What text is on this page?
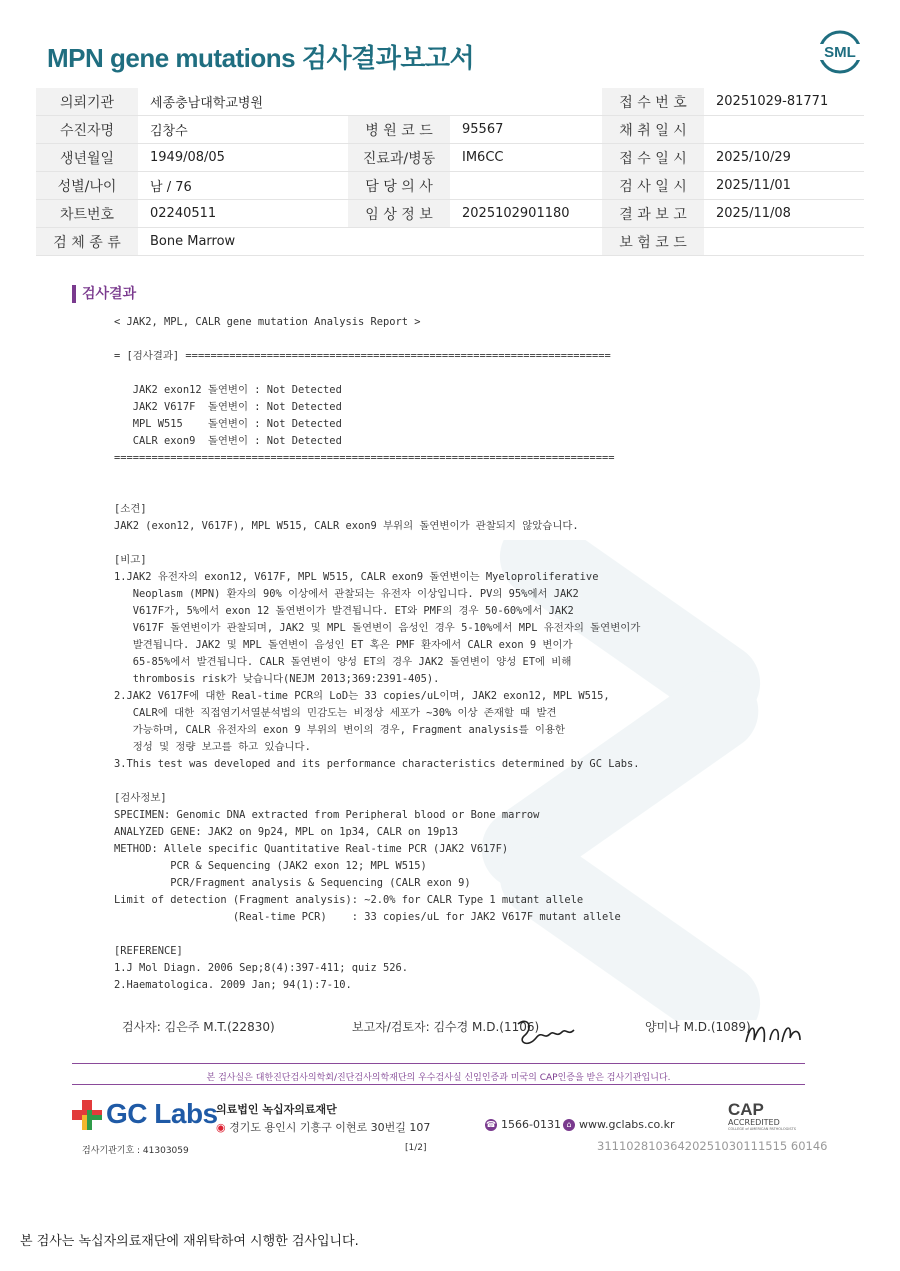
MPN gene mutations 검사결과보고서	SML
의뢰기관	세종충남대학교병원			접 수 번 호	20251029-81771
수진자명	김창수	병 원 코 드	95567	채 취 일 시	
생년월일	1949/08/05	진료과/병동	IM6CC	접 수 일 시	2025/10/29
성별/나이	남 / 76	담 당 의 사		검 사 일 시	2025/11/01
차트번호	02240511	임 상 정 보	2025102901180	결 과 보 고	2025/11/08
검 체 종 류	Bone Marrow			보 험 코 드	
검사결과
< JAK2, MPL, CALR gene mutation Analysis Report >

= [검사결과] ====================================================================

JAK2 exon12 돌연변이 : Not Detected
JAK2 V617F  돌연변이 : Not Detected
MPL W515    돌연변이 : Not Detected
CALR exon9  돌연변이 : Not Detected
================================================================================

[소견]
JAK2 (exon12, V617F), MPL W515, CALR exon9 부위의 돌연변이가 관찰되지 않았습니다.

[비고]
1.JAK2 유전자의 exon12, V617F, MPL W515, CALR exon9 돌연변이는 Myeloproliferative
Neoplasm (MPN) 환자의 90% 이상에서 관찰되는 유전자 이상입니다. PV의 95%에서 JAK2
V617F가, 5%에서 exon 12 돌연변이가 발견됩니다. ET와 PMF의 경우 50-60%에서 JAK2
V617F 돌연변이가 관찰되며, JAK2 및 MPL 돌연변이 음성인 경우 5-10%에서 MPL 유전자의 돌연변이가
발견됩니다. JAK2 및 MPL 돌연변이 음성인 ET 혹은 PMF 환자에서 CALR exon 9 변이가
65-85%에서 발견됩니다. CALR 돌연변이 양성 ET의 경우 JAK2 돌연변이 양성 ET에 비해
thrombosis risk가 낮습니다(NEJM 2013;369:2391-405).
2.JAK2 V617F에 대한 Real-time PCR의 LoD는 33 copies/uL이며, JAK2 exon12, MPL W515,
CALR에 대한 직접염기서열분석법의 민감도는 비정상 세포가 ~30% 이상 존재할 때 발견
가능하며, CALR 유전자의 exon 9 부위의 변이의 경우, Fragment analysis를 이용한
정성 및 정량 보고를 하고 있습니다.
3.This test was developed and its performance characteristics determined by GC Labs.

[검사정보]
SPECIMEN: Genomic DNA extracted from Peripheral blood or Bone marrow
ANALYZED GENE: JAK2 on 9p24, MPL on 1p34, CALR on 19p13
METHOD: Allele specific Quantitative Real-time PCR (JAK2 V617F)
PCR & Sequencing (JAK2 exon 12; MPL W515)
PCR/Fragment analysis & Sequencing (CALR exon 9)
Limit of detection (Fragment analysis): ~2.0% for CALR Type 1 mutant allele
(Real-time PCR)    : 33 copies/uL for JAK2 V617F mutant allele

[REFERENCE]
1.J Mol Diagn. 2006 Sep;8(4):397-411; quiz 526.
2.Haematologica. 2009 Jan; 94(1):7-10.
검사자: 김은주 M.T.(22830)	보고자/검토자: 김수경 M.D.(1106)	양미나 M.D.(1089)
본 검사실은 대한진단검사의학회/진단검사의학재단의 우수검사실 신임인증과 미국의 CAP인증을 받은 검사기관입니다.
GC Labs
의료법인 녹십자의료재단
◉ 경기도 용인시 기흥구 이현로 30번길 107	☎ 1566-0131 ⌂ www.gclabs.co.kr
CAP
ACCREDITED
COLLEGE of AMERICAN PATHOLOGISTS
검사기관기호 : 41303059	[1/2]	31110281036420251030111515 60146
본 검사는 녹십자의료재단에 재위탁하여 시행한 검사입니다.
